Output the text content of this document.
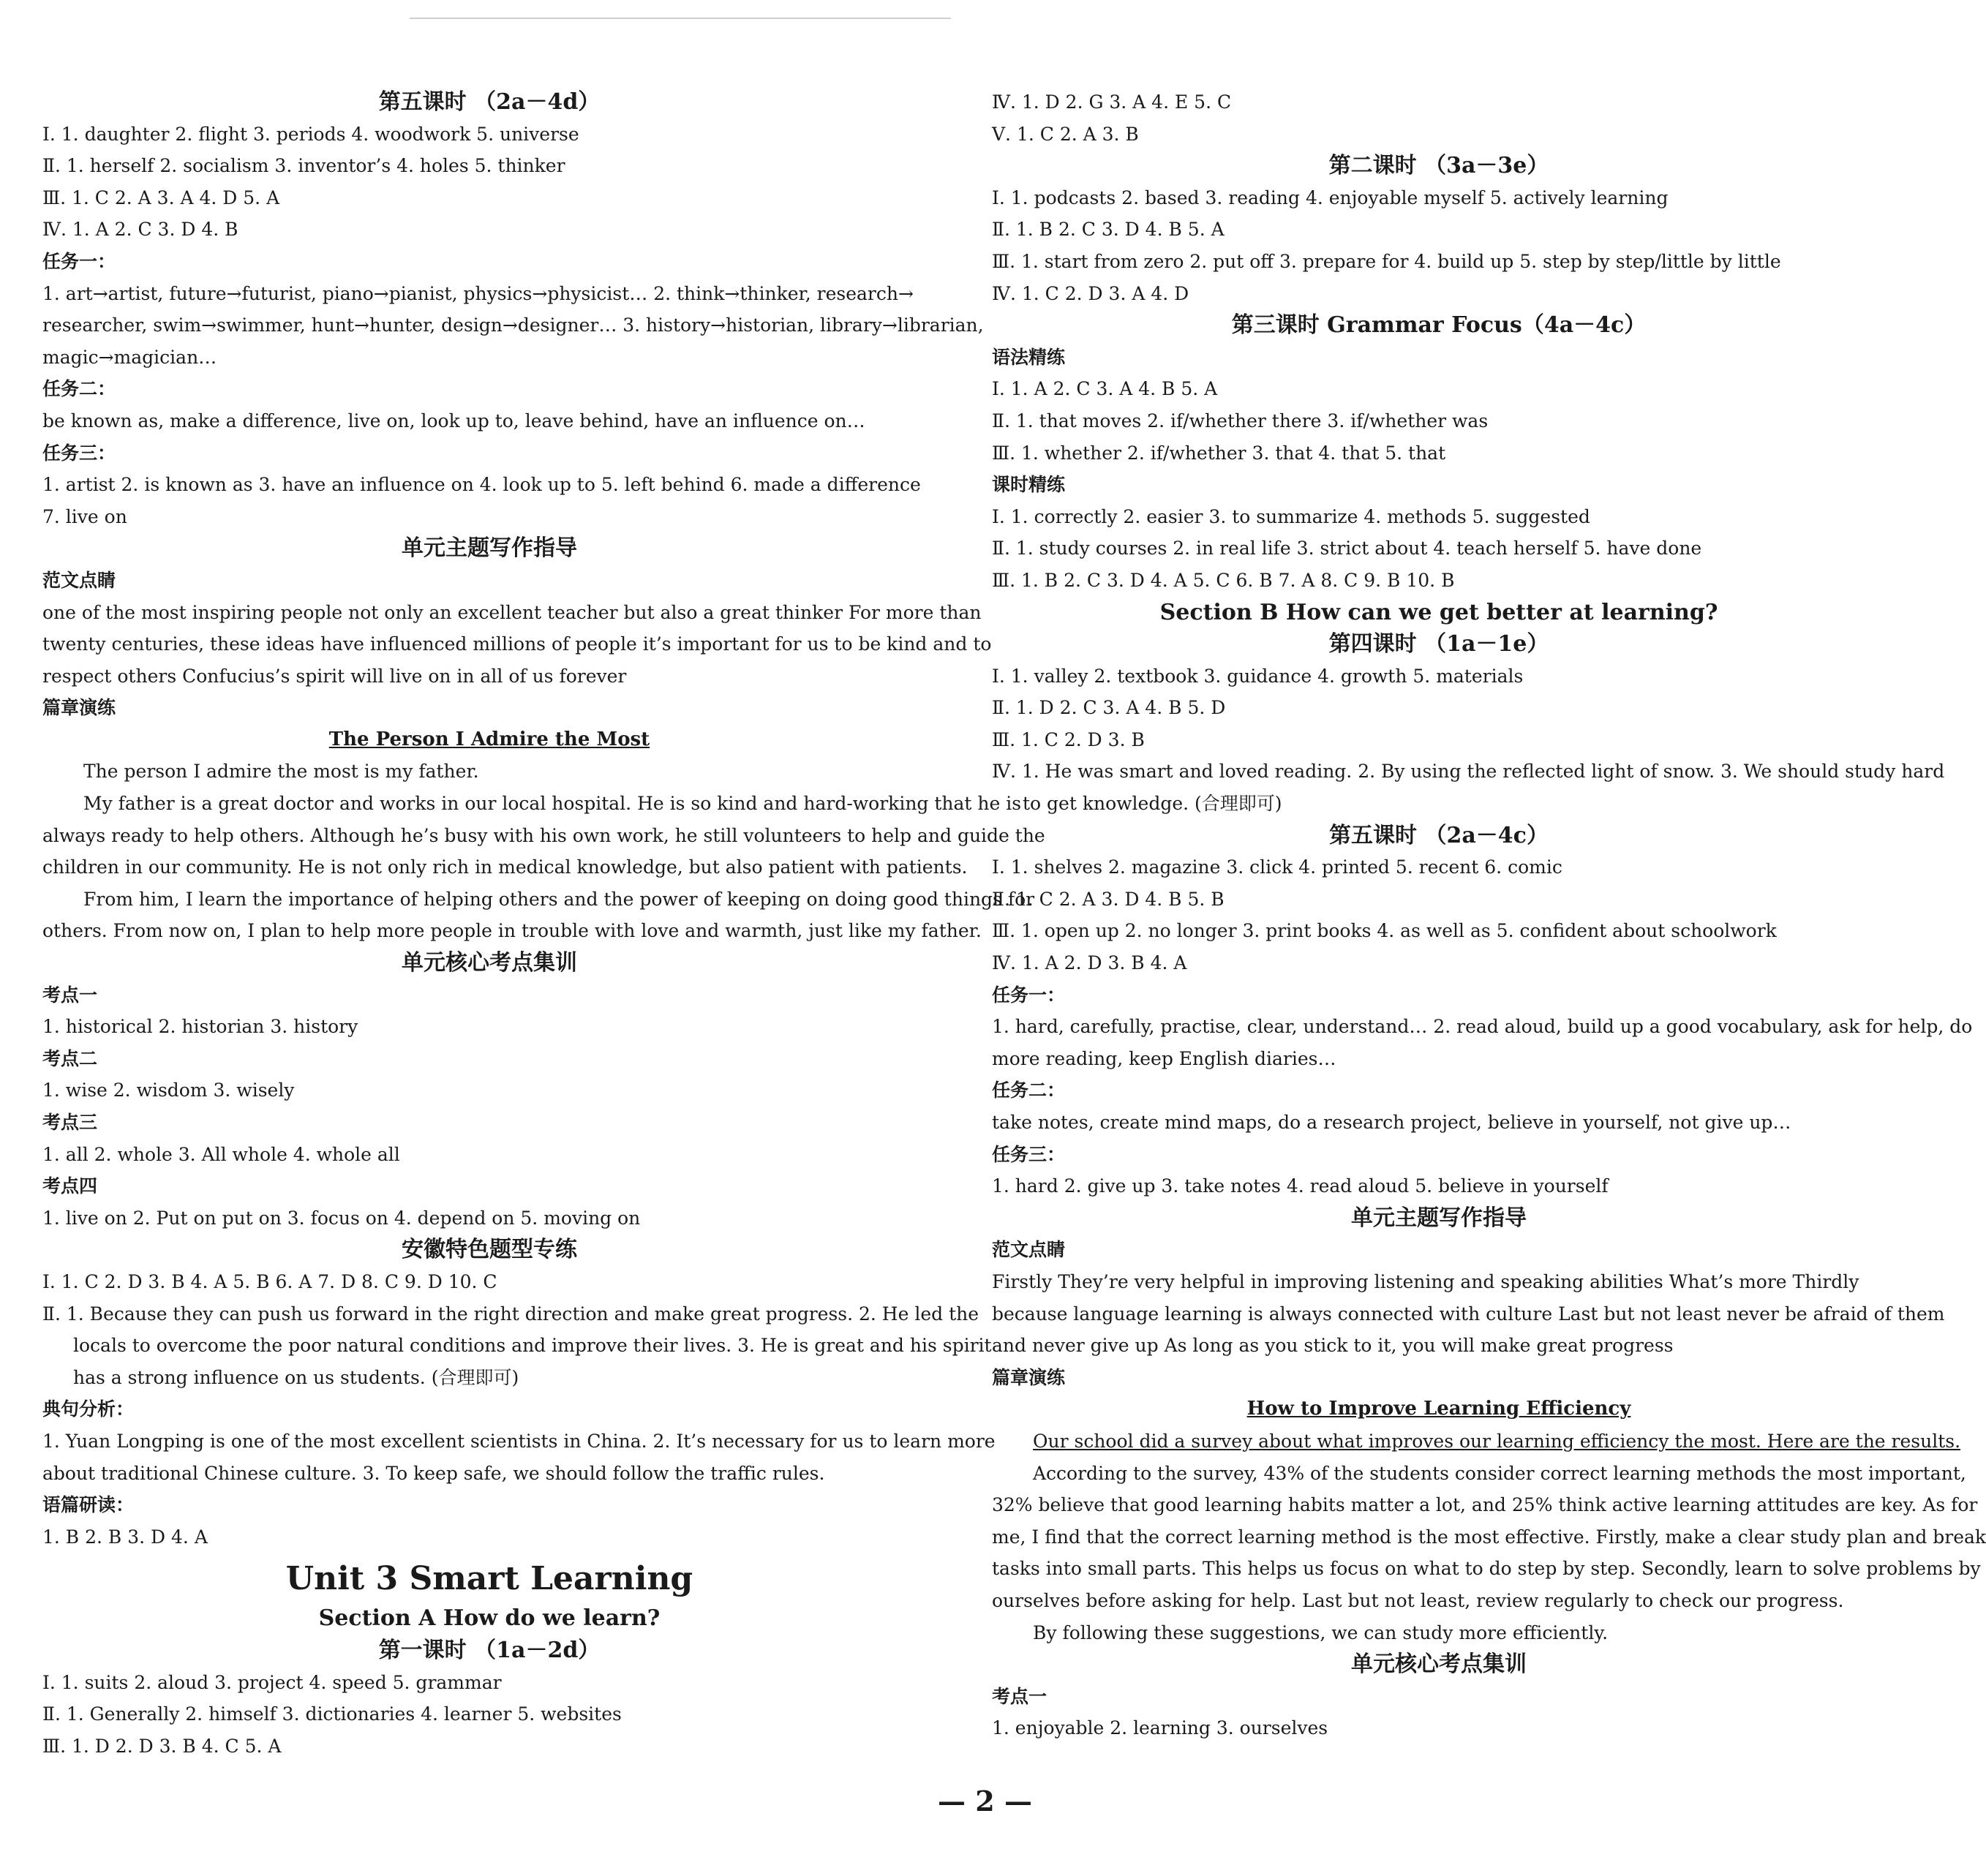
第五课时 （2a－4d）
Ⅰ. 1. daughter 2. flight 3. periods 4. woodwork 5. universe
Ⅱ. 1. herself 2. socialism 3. inventor’s 4. holes 5. thinker
Ⅲ. 1. C 2. A 3. A 4. D 5. A
Ⅳ. 1. A 2. C 3. D 4. B
任务一：
1. art→artist, future→futurist, piano→pianist, physics→physicist… 2. think→thinker, research→
researcher, swim→swimmer, hunt→hunter, design→designer… 3. history→historian, library→librarian,
magic→magician…
任务二：
be known as, make a difference, live on, look up to, leave behind, have an influence on…
任务三：
1. artist 2. is known as 3. have an influence on 4. look up to 5. left behind 6. made a difference
7. live on
单元主题写作指导
范文点睛
one of the most inspiring people not only an excellent teacher but also a great thinker For more than
twenty centuries, these ideas have influenced millions of people it’s important for us to be kind and to
respect others Confucius’s spirit will live on in all of us forever
篇章演练
The Person I Admire the Most
The person I admire the most is my father.
My father is a great doctor and works in our local hospital. He is so kind and hard-working that he is
always ready to help others. Although he’s busy with his own work, he still volunteers to help and guide the
children in our community. He is not only rich in medical knowledge, but also patient with patients.
From him, I learn the importance of helping others and the power of keeping on doing good things for
others. From now on, I plan to help more people in trouble with love and warmth, just like my father.
单元核心考点集训
考点一
1. historical 2. historian 3. history
考点二
1. wise 2. wisdom 3. wisely
考点三
1. all 2. whole 3. All whole 4. whole all
考点四
1. live on 2. Put on put on 3. focus on 4. depend on 5. moving on
安徽特色题型专练
Ⅰ. 1. C 2. D 3. B 4. A 5. B 6. A 7. D 8. C 9. D 10. C
Ⅱ. 1. Because they can push us forward in the right direction and make great progress. 2. He led the
locals to overcome the poor natural conditions and improve their lives. 3. He is great and his spirit
has a strong influence on us students. (合理即可)
典句分析：
1. Yuan Longping is one of the most excellent scientists in China. 2. It’s necessary for us to learn more
about traditional Chinese culture. 3. To keep safe, we should follow the traffic rules.
语篇研读：
1. B 2. B 3. D 4. A
Unit 3 Smart Learning
Section A How do we learn?
第一课时 （1a－2d）
Ⅰ. 1. suits 2. aloud 3. project 4. speed 5. grammar
Ⅱ. 1. Generally 2. himself 3. dictionaries 4. learner 5. websites
Ⅲ. 1. D 2. D 3. B 4. C 5. A
Ⅳ. 1. D 2. G 3. A 4. E 5. C
Ⅴ. 1. C 2. A 3. B
第二课时 （3a－3e）
Ⅰ. 1. podcasts 2. based 3. reading 4. enjoyable myself 5. actively learning
Ⅱ. 1. B 2. C 3. D 4. B 5. A
Ⅲ. 1. start from zero 2. put off 3. prepare for 4. build up 5. step by step/little by little
Ⅳ. 1. C 2. D 3. A 4. D
第三课时 Grammar Focus（4a－4c）
语法精练
Ⅰ. 1. A 2. C 3. A 4. B 5. A
Ⅱ. 1. that moves 2. if/whether there 3. if/whether was
Ⅲ. 1. whether 2. if/whether 3. that 4. that 5. that
课时精练
Ⅰ. 1. correctly 2. easier 3. to summarize 4. methods 5. suggested
Ⅱ. 1. study courses 2. in real life 3. strict about 4. teach herself 5. have done
Ⅲ. 1. B 2. C 3. D 4. A 5. C 6. B 7. A 8. C 9. B 10. B
Section B How can we get better at learning?
第四课时 （1a－1e）
Ⅰ. 1. valley 2. textbook 3. guidance 4. growth 5. materials
Ⅱ. 1. D 2. C 3. A 4. B 5. D
Ⅲ. 1. C 2. D 3. B
Ⅳ. 1. He was smart and loved reading. 2. By using the reflected light of snow. 3. We should study hard
to get knowledge. (合理即可)
第五课时 （2a－4c）
Ⅰ. 1. shelves 2. magazine 3. click 4. printed 5. recent 6. comic
Ⅱ. 1. C 2. A 3. D 4. B 5. B
Ⅲ. 1. open up 2. no longer 3. print books 4. as well as 5. confident about schoolwork
Ⅳ. 1. A 2. D 3. B 4. A
任务一：
1. hard, carefully, practise, clear, understand… 2. read aloud, build up a good vocabulary, ask for help, do
more reading, keep English diaries…
任务二：
take notes, create mind maps, do a research project, believe in yourself, not give up…
任务三：
1. hard 2. give up 3. take notes 4. read aloud 5. believe in yourself
单元主题写作指导
范文点睛
Firstly They’re very helpful in improving listening and speaking abilities What’s more Thirdly
because language learning is always connected with culture Last but not least never be afraid of them
and never give up As long as you stick to it, you will make great progress
篇章演练
How to Improve Learning Efficiency
Our school did a survey about what improves our learning efficiency the most. Here are the results.
According to the survey, 43% of the students consider correct learning methods the most important,
32% believe that good learning habits matter a lot, and 25% think active learning attitudes are key. As for
me, I find that the correct learning method is the most effective. Firstly, make a clear study plan and break
tasks into small parts. This helps us focus on what to do step by step. Secondly, learn to solve problems by
ourselves before asking for help. Last but not least, review regularly to check our progress.
By following these suggestions, we can study more efficiently.
单元核心考点集训
考点一
1. enjoyable 2. learning 3. ourselves
— 2 —
